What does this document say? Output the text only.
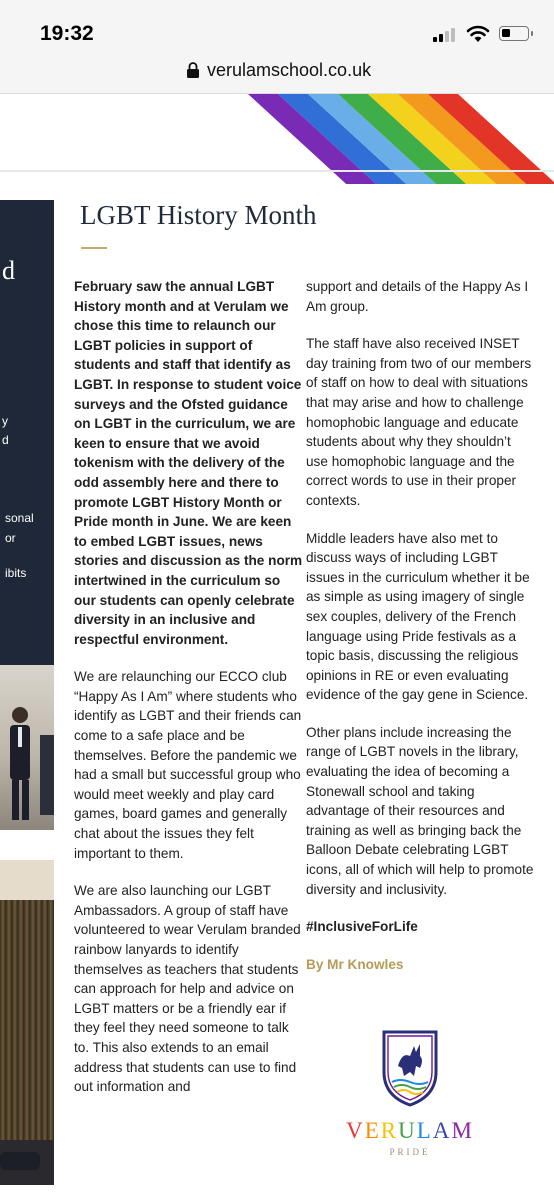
19:32
verulamschool.co.uk
11
d
y
d
sonal
or
ibits
LGBT History Month

February saw the annual LGBT History month and at Verulam we chose this time to relaunch our LGBT policies in support of students and staff that identify as LGBT. In response to student voice surveys and the Ofsted guidance on LGBT in the curriculum, we are keen to ensure that we avoid tokenism with the delivery of the odd assembly here and there to promote LGBT History Month or Pride month in June. We are keen to embed LGBT issues, news stories and discussion as the norm intertwined in the curriculum so our students can openly celebrate diversity in an inclusive and respectful environment.

We are relaunching our ECCO club “Happy As I Am” where students who identify as LGBT and their friends can come to a safe place and be themselves. Before the pandemic we had a small but successful group who would meet weekly and play card games, board games and generally chat about the issues they felt important to them.

We are also launching our LGBT Ambassadors. A group of staff have volunteered to wear Verulam branded rainbow lanyards to identify themselves as teachers that students can approach for help and advice on LGBT matters or be a friendly ear if they feel they need someone to talk to. This also extends to an email address that students can use to find out information and

support and details of the Happy As I Am group.

The staff have also received INSET day training from two of our members of staff on how to deal with situations that may arise and how to challenge homophobic language and educate students about why they shouldn’t use homophobic language and the correct words to use in their proper contexts.

Middle leaders have also met to discuss ways of including LGBT issues in the curriculum whether it be as simple as using imagery of single sex couples, delivery of the French language using Pride festivals as a topic basis, discussing the religious opinions in RE or even evaluating evidence of the gay gene in Science.

Other plans include increasing the range of LGBT novels in the library, evaluating the idea of becoming a Stonewall school and taking advantage of their resources and training as well as bringing back the Balloon Debate celebrating LGBT icons, all of which will help to promote diversity and inclusivity.

#InclusiveForLife

By Mr Knowles

VERULAM
PRIDE
